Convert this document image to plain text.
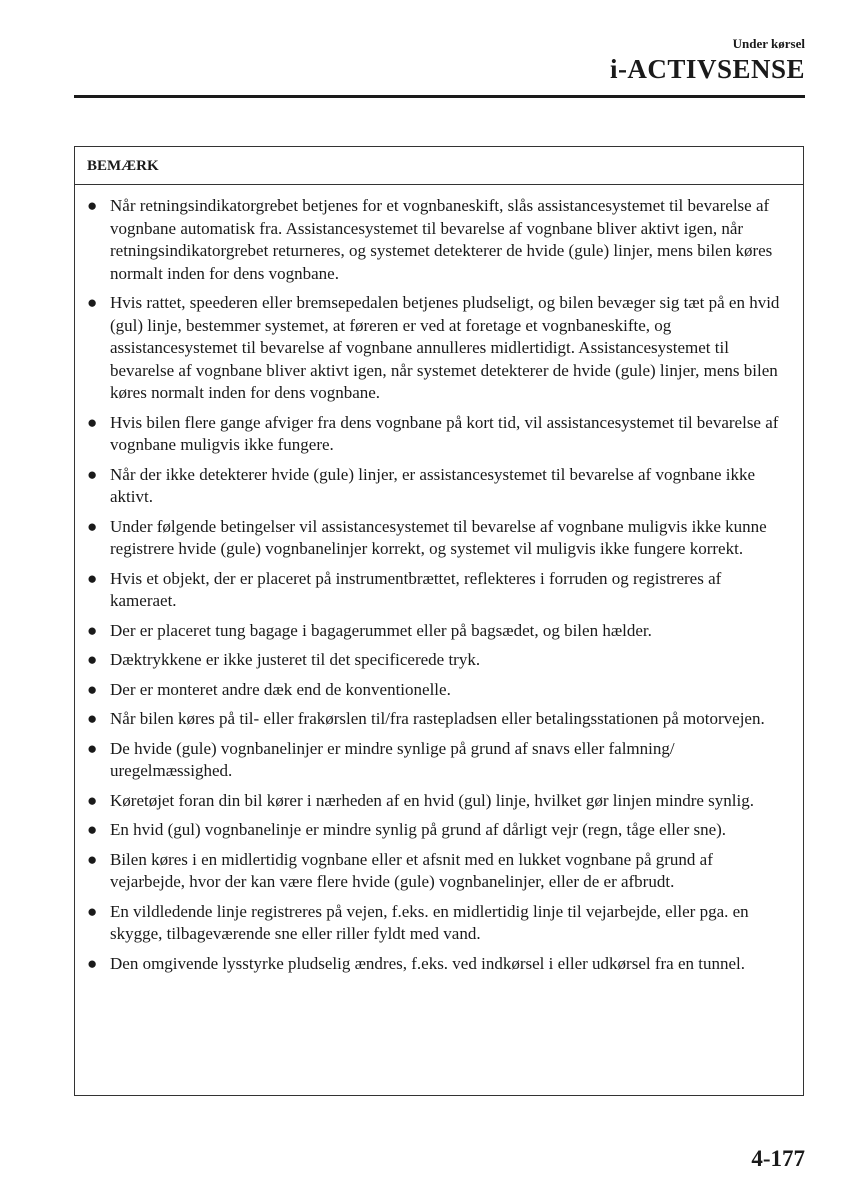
Under kørsel
i-ACTIVSENSE
BEMÆRK
● Når retningsindikatorgrebet betjenes for et vognbaneskift, slås assistancesystemet til bevarelse af vognbane automatisk fra. Assistancesystemet til bevarelse af vognbane bliver aktivt igen, når retningsindikatorgrebet returneres, og systemet detekterer de hvide (gule) linjer, mens bilen køres normalt inden for dens vognbane.
● Hvis rattet, speederen eller bremsepedalen betjenes pludseligt, og bilen bevæger sig tæt på en hvid (gul) linje, bestemmer systemet, at føreren er ved at foretage et vognbaneskifte, og assistancesystemet til bevarelse af vognbane annulleres midlertidigt. Assistancesystemet til bevarelse af vognbane bliver aktivt igen, når systemet detekterer de hvide (gule) linjer, mens bilen køres normalt inden for dens vognbane.
● Hvis bilen flere gange afviger fra dens vognbane på kort tid, vil assistancesystemet til bevarelse af vognbane muligvis ikke fungere.
● Når der ikke detekterer hvide (gule) linjer, er assistancesystemet til bevarelse af vognbane ikke aktivt.
● Under følgende betingelser vil assistancesystemet til bevarelse af vognbane muligvis ikke kunne registrere hvide (gule) vognbanelinjer korrekt, og systemet vil muligvis ikke fungere korrekt.
● Hvis et objekt, der er placeret på instrumentbrættet, reflekteres i forruden og registreres af kameraet.
● Der er placeret tung bagage i bagagerummet eller på bagsædet, og bilen hælder.
● Dæktrykkene er ikke justeret til det specificerede tryk.
● Der er monteret andre dæk end de konventionelle.
● Når bilen køres på til- eller frakørslen til/fra rastepladsen eller betalingsstationen på motorvejen.
● De hvide (gule) vognbanelinjer er mindre synlige på grund af snavs eller falmning/ uregelmæssighed.
● Køretøjet foran din bil kører i nærheden af en hvid (gul) linje, hvilket gør linjen mindre synlig.
● En hvid (gul) vognbanelinje er mindre synlig på grund af dårligt vejr (regn, tåge eller sne).
● Bilen køres i en midlertidig vognbane eller et afsnit med en lukket vognbane på grund af vejarbejde, hvor der kan være flere hvide (gule) vognbanelinjer, eller de er afbrudt.
● En vildledende linje registreres på vejen, f.eks. en midlertidig linje til vejarbejde, eller pga. en skygge, tilbageværende sne eller riller fyldt med vand.
● Den omgivende lysstyrke pludselig ændres, f.eks. ved indkørsel i eller udkørsel fra en tunnel.
4-177
